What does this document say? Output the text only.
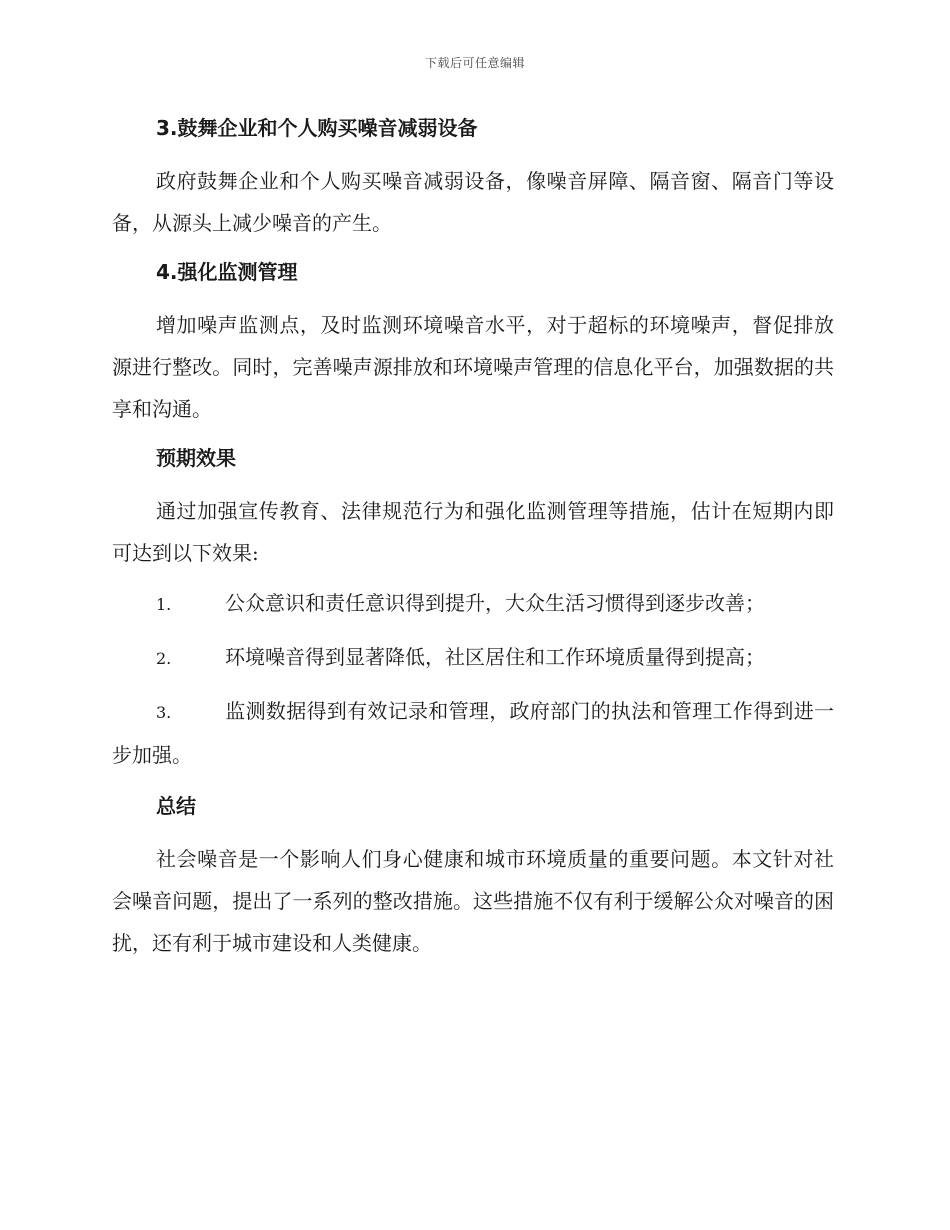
下载后可任意编辑
3.鼓舞企业和个人购买噪音减弱设备
政府鼓舞企业和个人购买噪音减弱设备，像噪音屏障、隔音窗、隔音门等设备，从源头上减少噪音的产生。
4.强化监测管理
增加噪声监测点，及时监测环境噪音水平，对于超标的环境噪声，督促排放源进行整改。同时，完善噪声源排放和环境噪声管理的信息化平台，加强数据的共享和沟通。
预期效果
通过加强宣传教育、法律规范行为和强化监测管理等措施，估计在短期内即可达到以下效果:
1.	公众意识和责任意识得到提升，大众生活习惯得到逐步改善；
2.	环境噪音得到显著降低，社区居住和工作环境质量得到提高；
3.	监测数据得到有效记录和管理，政府部门的执法和管理工作得到进一步加强。
总结
社会噪音是一个影响人们身心健康和城市环境质量的重要问题。本文针对社会噪音问题，提出了一系列的整改措施。这些措施不仅有利于缓解公众对噪音的困扰，还有利于城市建设和人类健康。
